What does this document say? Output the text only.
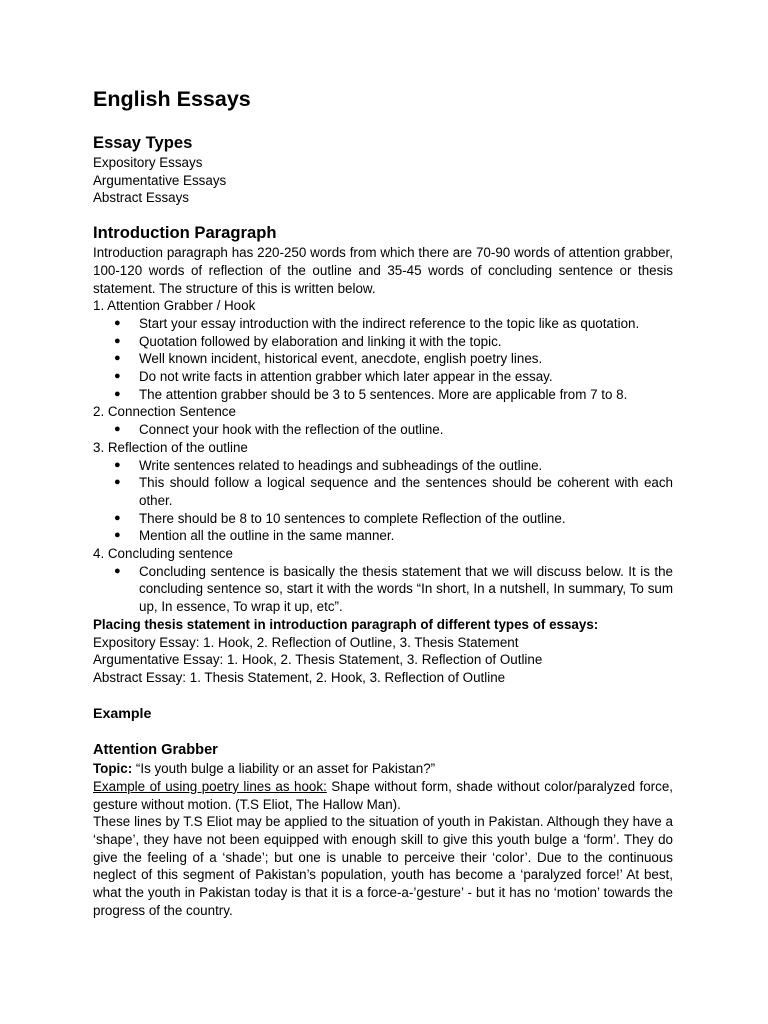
English Essays
Essay Types
Expository Essays
Argumentative Essays
Abstract Essays
Introduction Paragraph
Introduction paragraph has 220-250 words from which there are 70-90 words of attention grabber, 100-120 words of reflection of the outline and 35-45 words of concluding sentence or thesis statement. The structure of this is written below.
1. Attention Grabber / Hook
● Start your essay introduction with the indirect reference to the topic like as quotation.
● Quotation followed by elaboration and linking it with the topic.
● Well known incident, historical event, anecdote, english poetry lines.
● Do not write facts in attention grabber which later appear in the essay.
● The attention grabber should be 3 to 5 sentences. More are applicable from 7 to 8.
2. Connection Sentence
● Connect your hook with the reflection of the outline.
3. Reflection of the outline
● Write sentences related to headings and subheadings of the outline.
● This should follow a logical sequence and the sentences should be coherent with each other.
● There should be 8 to 10 sentences to complete Reflection of the outline.
● Mention all the outline in the same manner.
4. Concluding sentence
● Concluding sentence is basically the thesis statement that we will discuss below. It is the concluding sentence so, start it with the words “In short, In a nutshell, In summary, To sum up, In essence, To wrap it up, etc”.
Placing thesis statement in introduction paragraph of different types of essays:
Expository Essay: 1. Hook, 2. Reflection of Outline, 3. Thesis Statement
Argumentative Essay: 1. Hook, 2. Thesis Statement, 3. Reflection of Outline
Abstract Essay: 1. Thesis Statement, 2. Hook, 3. Reflection of Outline
Example
Attention Grabber
Topic: “Is youth bulge a liability or an asset for Pakistan?”
Example of using poetry lines as hook: Shape without form, shade without color/paralyzed force, gesture without motion. (T.S Eliot, The Hallow Man).
These lines by T.S Eliot may be applied to the situation of youth in Pakistan. Although they have a ‘shape’, they have not been equipped with enough skill to give this youth bulge a ‘form’. They do give the feeling of a ‘shade’; but one is unable to perceive their ‘color’. Due to the continuous neglect of this segment of Pakistan’s population, youth has become a ‘paralyzed force!’ At best, what the youth in Pakistan today is that it is a force-a-’gesture’ - but it has no ‘motion’ towards the progress of the country.
